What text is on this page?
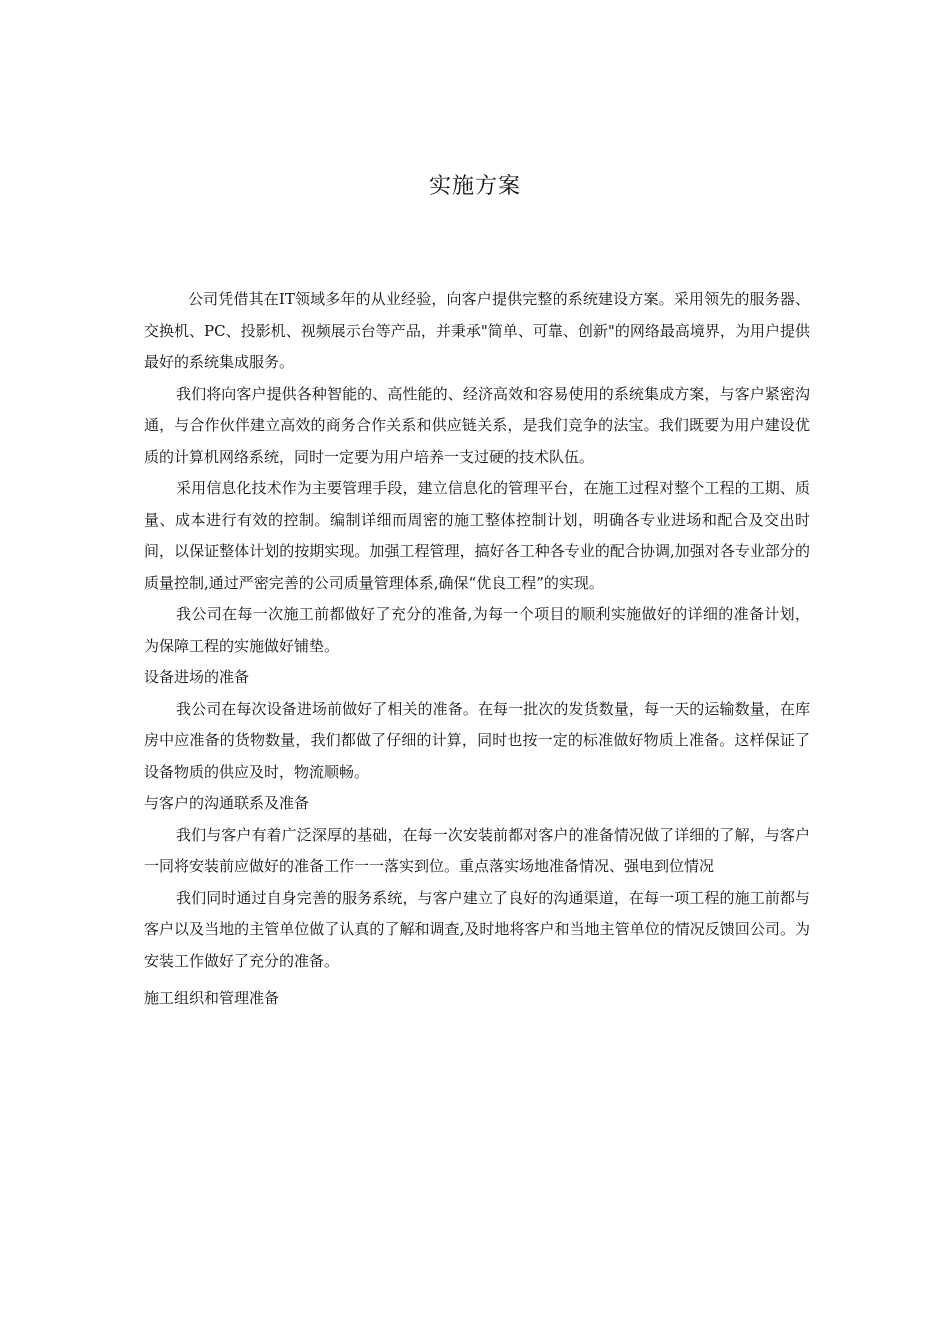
实施方案

公司凭借其在IT领域多年的从业经验，向客户提供完整的系统建设方案。采用领先的服务器、交换机、PC、投影机、视频展示台等产品，并秉承"简单、可靠、创新"的网络最高境界，为用户提供最好的系统集成服务。

我们将向客户提供各种智能的、高性能的、经济高效和容易使用的系统集成方案，与客户紧密沟通，与合作伙伴建立高效的商务合作关系和供应链关系，是我们竞争的法宝。我们既要为用户建设优质的计算机网络系统，同时一定要为用户培养一支过硬的技术队伍。

采用信息化技术作为主要管理手段，建立信息化的管理平台，在施工过程对整个工程的工期、质量、成本进行有效的控制。编制详细而周密的施工整体控制计划，明确各专业进场和配合及交出时间，以保证整体计划的按期实现。加强工程管理，搞好各工种各专业的配合协调,加强对各专业部分的质量控制,通过严密完善的公司质量管理体系,确保“优良工程”的实现。

我公司在每一次施工前都做好了充分的准备,为每一个项目的顺利实施做好的详细的准备计划，为保障工程的实施做好铺垫。

设备进场的准备

我公司在每次设备进场前做好了相关的准备。在每一批次的发货数量，每一天的运输数量，在库房中应准备的货物数量，我们都做了仔细的计算，同时也按一定的标准做好物质上准备。这样保证了设备物质的供应及时，物流顺畅。

与客户的沟通联系及准备

我们与客户有着广泛深厚的基础，在每一次安装前都对客户的准备情况做了详细的了解，与客户一同将安装前应做好的准备工作一一落实到位。重点落实场地准备情况、强电到位情况

我们同时通过自身完善的服务系统，与客户建立了良好的沟通渠道，在每一项工程的施工前都与客户以及当地的主管单位做了认真的了解和调查,及时地将客户和当地主管单位的情况反馈回公司。为安装工作做好了充分的准备。

施工组织和管理准备
